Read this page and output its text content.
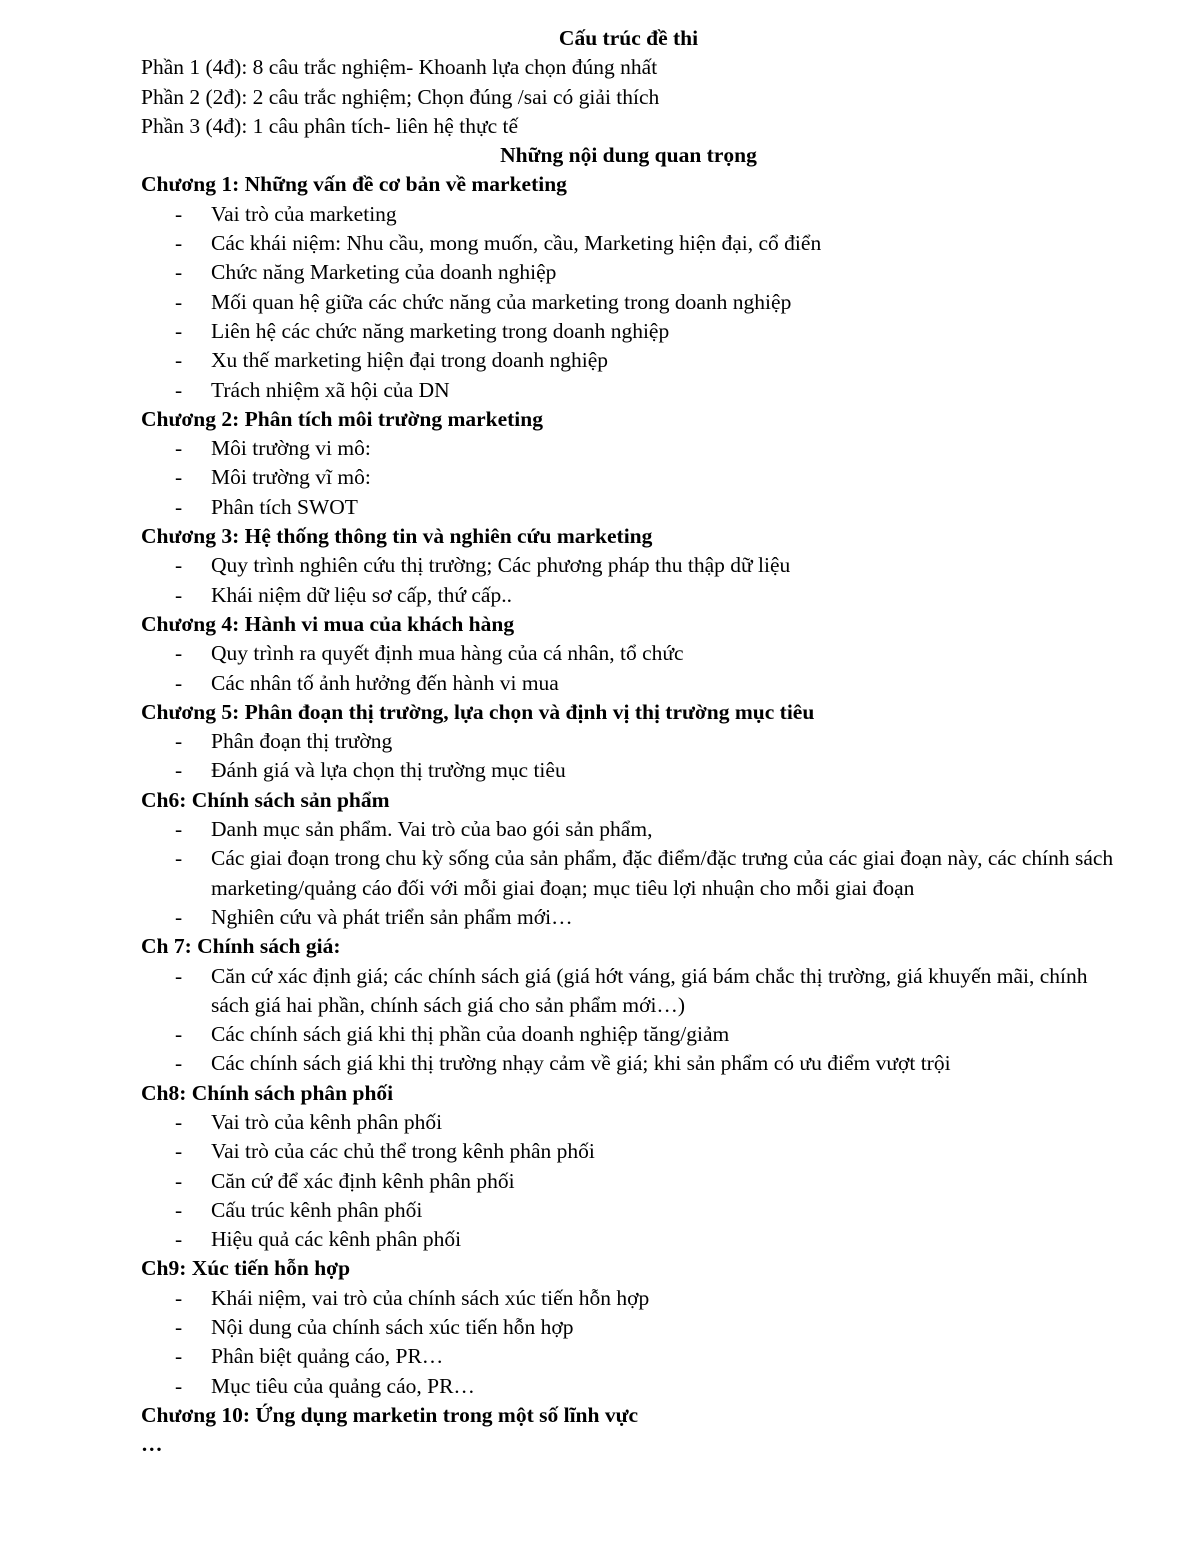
Cấu trúc đề thi
Phần 1 (4đ): 8 câu trắc nghiệm- Khoanh lựa chọn đúng nhất
Phần 2 (2đ): 2 câu trắc nghiệm; Chọn đúng /sai có giải thích
Phần 3 (4đ): 1 câu phân tích- liên hệ thực tế
Những nội dung quan trọng
Chương 1: Những vấn đề cơ bản về marketing
- Vai trò của marketing
- Các khái niệm: Nhu cầu, mong muốn, cầu, Marketing hiện đại, cổ điển
- Chức năng Marketing của doanh nghiệp
- Mối quan hệ giữa các chức năng của marketing trong doanh nghiệp
- Liên hệ các chức năng marketing trong doanh nghiệp
- Xu thế marketing hiện đại trong doanh nghiệp
- Trách nhiệm xã hội của DN
Chương 2: Phân tích môi trường marketing
- Môi trường vi mô:
- Môi trường vĩ mô:
- Phân tích SWOT
Chương 3: Hệ thống thông tin và nghiên cứu marketing
- Quy trình nghiên cứu thị trường; Các phương pháp thu thập dữ liệu
- Khái niệm dữ liệu sơ cấp, thứ cấp..
Chương 4: Hành vi mua của khách hàng
- Quy trình ra quyết định mua hàng của cá nhân, tổ chức
- Các nhân tố ảnh hưởng đến hành vi mua
Chương 5: Phân đoạn thị trường, lựa chọn và định vị thị trường mục tiêu
- Phân đoạn thị trường
- Đánh giá và lựa chọn thị trường mục tiêu
Ch6: Chính sách sản phẩm
- Danh mục sản phẩm. Vai trò của bao gói sản phẩm,
- Các giai đoạn trong chu kỳ sống của sản phẩm, đặc điểm/đặc trưng của các giai đoạn này, các chính sách marketing/quảng cáo đối với mỗi giai đoạn; mục tiêu lợi nhuận cho mỗi giai đoạn
- Nghiên cứu và phát triển sản phẩm mới…
Ch 7: Chính sách giá:
- Căn cứ xác định giá; các chính sách giá (giá hớt váng, giá bám chắc thị trường, giá khuyến mãi, chính sách giá hai phần, chính sách giá cho sản phẩm mới…)
- Các chính sách giá khi thị phần của doanh nghiệp tăng/giảm
- Các chính sách giá khi thị trường nhạy cảm về giá; khi sản phẩm có ưu điểm vượt trội
Ch8: Chính sách phân phối
- Vai trò của kênh phân phối
- Vai trò của các chủ thể trong kênh phân phối
- Căn cứ để xác định kênh phân phối
- Cấu trúc kênh phân phối
- Hiệu quả các kênh phân phối
Ch9: Xúc tiến hỗn hợp
- Khái niệm, vai trò của chính sách xúc tiến hỗn hợp
- Nội dung của chính sách xúc tiến hỗn hợp
- Phân biệt quảng cáo, PR…
- Mục tiêu của quảng cáo, PR…
Chương 10: Ứng dụng marketin trong một số lĩnh vực
…
